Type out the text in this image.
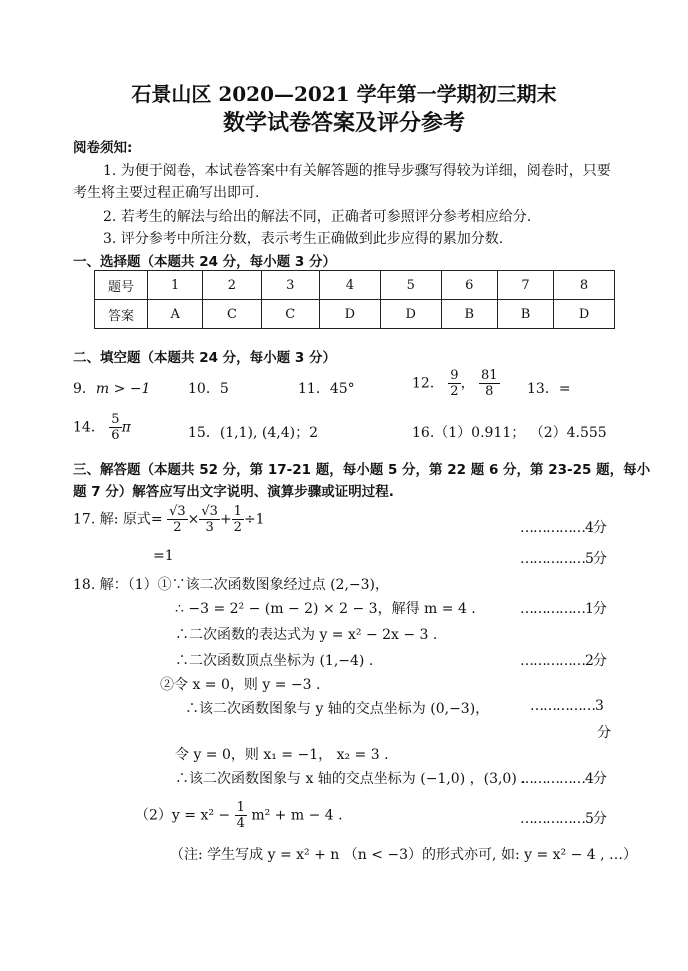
石景山区 2020—2021 学年第一学期初三期末
数学试卷答案及评分参考
阅卷须知:
1. 为便于阅卷，本试卷答案中有关解答题的推导步骤写得较为详细，阅卷时，只要
考生将主要过程正确写出即可.
2. 若考生的解法与给出的解法不同，正确者可参照评分参考相应给分.
3. 评分参考中所注分数，表示考生正确做到此步应得的累加分数.
一、选择题（本题共 24 分，每小题 3 分）
题号	1	2	3	4	5	6	7	8
答案	A	C	C	D	D	B	B	D
二、填空题（本题共 24 分，每小题 3 分）
9．m > −1	10．5	11．45°	12． $\frac{9}{2}$ ， $\frac{81}{8} 13$．=
14． $\frac{5}{6}$ π	15．(1,1), (4,4)；2	16.（1）0.911； （2）4.555
三、解答题（本题共 52 分，第 17-21 题，每小题 5 分，第 22 题 6 分，第 23-25 题，每小
题 7 分）解答应写出文字说明、演算步骤或证明过程.
17. 解: 原式= $\frac{√3}{2} \times \frac{√3}{3} + \frac{1}{2} \div 1$
……………4分
=1	……………5分
18. 解：（1）①∵该二次函数图象经过点 (2,−3)，
∴ −3 = 2² − (m − 2) × 2 − 3，解得 m = 4 .	……………1分
∴二次函数的表达式为 y = x² − 2x − 3 .
∴二次函数顶点坐标为 (1,−4) .	……………2分
②令 x = 0，则 y = −3 .
∴该二次函数图象与 y 轴的交点坐标为 (0,−3)，	……………3
分
令 y = 0，则 x₁ = −1， x₂ = 3 .
∴该二次函数图象与 x 轴的交点坐标为 (−1,0) ，(3,0) .
……………4分
$(2)y = x^2 - \frac{1}{4} m^2 + m - 4$ .	……………5分
（注: 学生写成 y = x² + n （n < −3）的形式亦可, 如: y = x² − 4 , …）
